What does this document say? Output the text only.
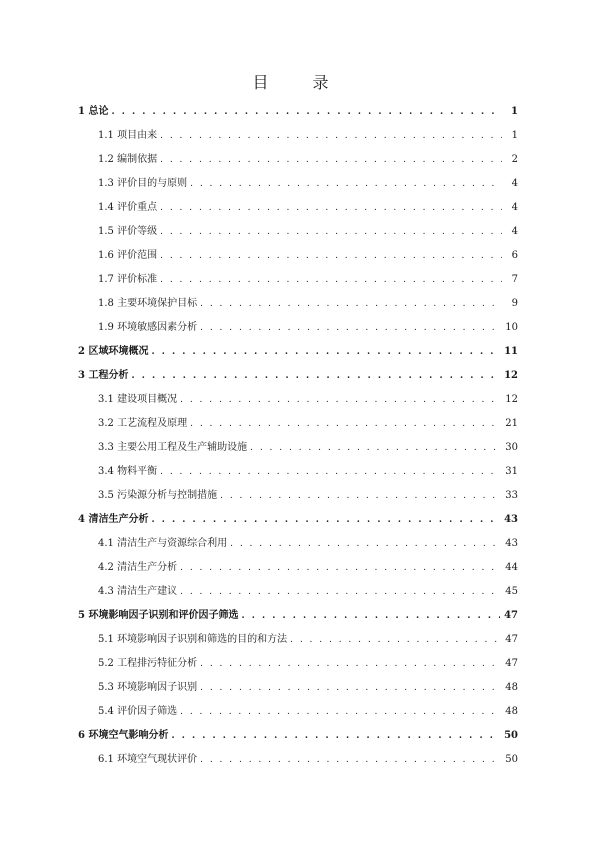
目　录
1 总论 . . .	1
1.1 项目由来 . . .	1
1.2 编制依据 . . .	2
1.3 评价目的与原则 . . .	4
1.4 评价重点 . . .	4
1.5 评价等级 . . .	4
1.6 评价范围 . . .	6
1.7 评价标准 . . .	7
1.8 主要环境保护目标 . . .	9
1.9 环境敏感因素分析 . . .	10
2 区域环境概况 . . .	11
3 工程分析 . . .	12
3.1 建设项目概况 . . .	12
3.2 工艺流程及原理 . . .	21
3.3 主要公用工程及生产辅助设施 . . .	30
3.4 物料平衡 . . .	31
3.5 污染源分析与控制措施 . . .	33
4 清洁生产分析 . . .	43
4.1 清洁生产与资源综合利用 . . .	43
4.2 清洁生产分析 . . .	44
4.3 清洁生产建议 . . .	45
5 环境影响因子识别和评价因子筛选 . . .	47
5.1 环境影响因子识别和筛选的目的和方法 . . .	47
5.2 工程排污特征分析 . . .	47
5.3 环境影响因子识别 . . .	48
5.4 评价因子筛选 . . .	48
6 环境空气影响分析 . . .	50
6.1 环境空气现状评价 . . .	50
